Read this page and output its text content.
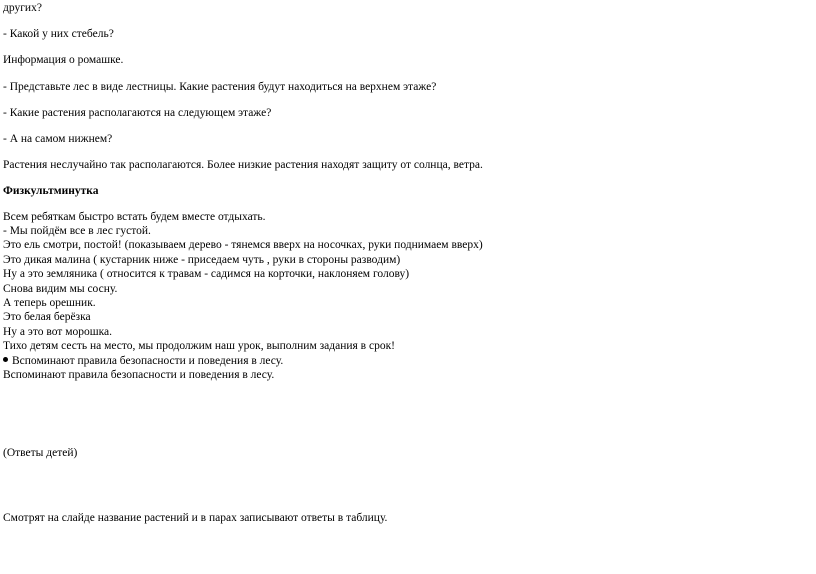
других?
- Какой у них стебель?
Информация о ромашке.
- Представьте лес в виде лестницы. Какие растения будут находиться на верхнем этаже?
- Какие растения располагаются на следующем этаже?
- А на самом нижнем?
Растения неслучайно так располагаются. Более низкие растения находят защиту от солнца, ветра.
Физкультминутка
Всем ребяткам быстро встать будем вместе отдыхать.
- Мы пойдём все в лес густой.
Это ель смотри, постой! (показываем дерево - тянемся вверх на носочках, руки поднимаем вверх)
Это дикая малина ( кустарник ниже - приседаем чуть , руки в стороны разводим)
Ну а это земляника ( относится к травам - садимся на корточки, наклоняем голову)
Снова видим мы сосну.
А теперь орешник.
Это белая берёзка
Ну а это вот морошка.
Тихо детям сесть на место, мы продолжим наш урок, выполним задания в срок!
Вспоминают правила безопасности и поведения в лесу.
Вспоминают правила безопасности и поведения в лесу.
(Ответы детей)
Смотрят на слайде название растений и в парах записывают ответы в таблицу.
